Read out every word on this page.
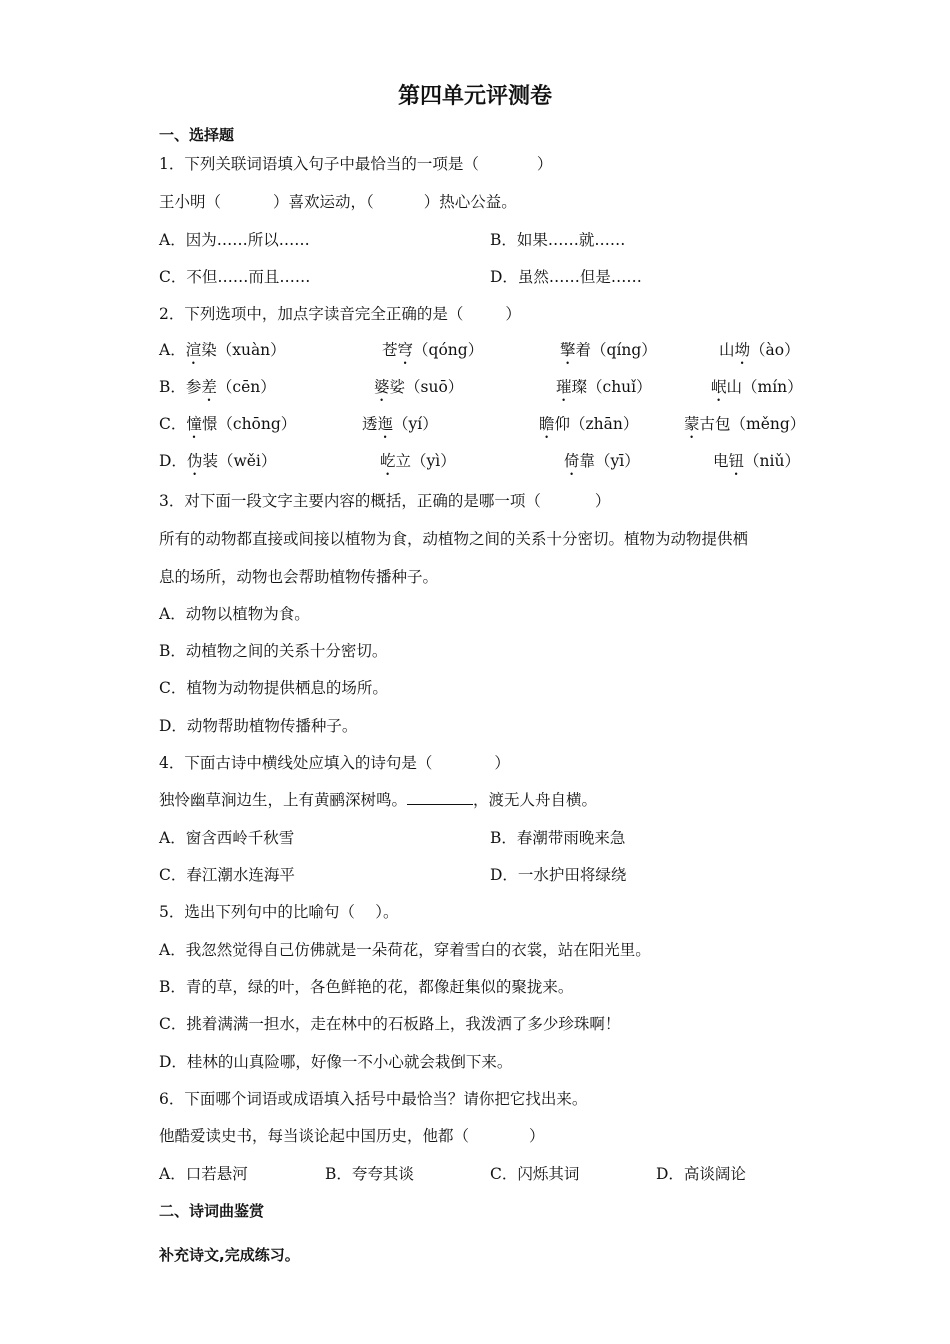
第四单元评测卷
一、选择题
1．下列关联词语填入句子中最恰当的一项是（	）
王小明（	）喜欢运动，（	）热心公益。
A．因为……所以……	B．如果……就……
C．不但……而且……	D．虽然……但是……
2．下列选项中，加点字读音完全正确的是（	）
A．渲染（xuàn）	苍穹（qóng）	擎着（qíng）	山坳（ào）
B．参差（cēn）	婆娑（suō）	璀璨（chuǐ）	岷山（mín）
C．憧憬（chōng）	透迤（yí）	瞻仰（zhān）	蒙古包（měng）
D．伪装（wěi）	屹立（yì）	倚靠（yī）	电钮（niǔ）
3．对下面一段文字主要内容的概括，正确的是哪一项（	）
所有的动物都直接或间接以植物为食，动植物之间的关系十分密切。植物为动物提供栖
息的场所，动物也会帮助植物传播种子。
A．动物以植物为食。
B．动植物之间的关系十分密切。
C．植物为动物提供栖息的场所。
D．动物帮助植物传播种子。
4．下面古诗中横线处应填入的诗句是（	）
独怜幽草涧边生，上有黄鹂深树鸣。	，渡无人舟自横。
A．窗含西岭千秋雪	B．春潮带雨晚来急
C．春江潮水连海平	D．一水护田将绿绕
5．选出下列句中的比喻句（　 ）。
A．我忽然觉得自己仿佛就是一朵荷花，穿着雪白的衣裳，站在阳光里。
B．青的草，绿的叶，各色鲜艳的花，都像赶集似的聚拢来。
C．挑着满满一担水，走在林中的石板路上，我泼洒了多少珍珠啊！
D．桂林的山真险哪，好像一不小心就会栽倒下来。
6．下面哪个词语或成语填入括号中最恰当？请你把它找出来。
他酷爱读史书，每当谈论起中国历史，他都（	）
A．口若悬河	B．夸夸其谈	C．闪烁其词	D．高谈阔论
二、诗词曲鉴赏
补充诗文,完成练习。
